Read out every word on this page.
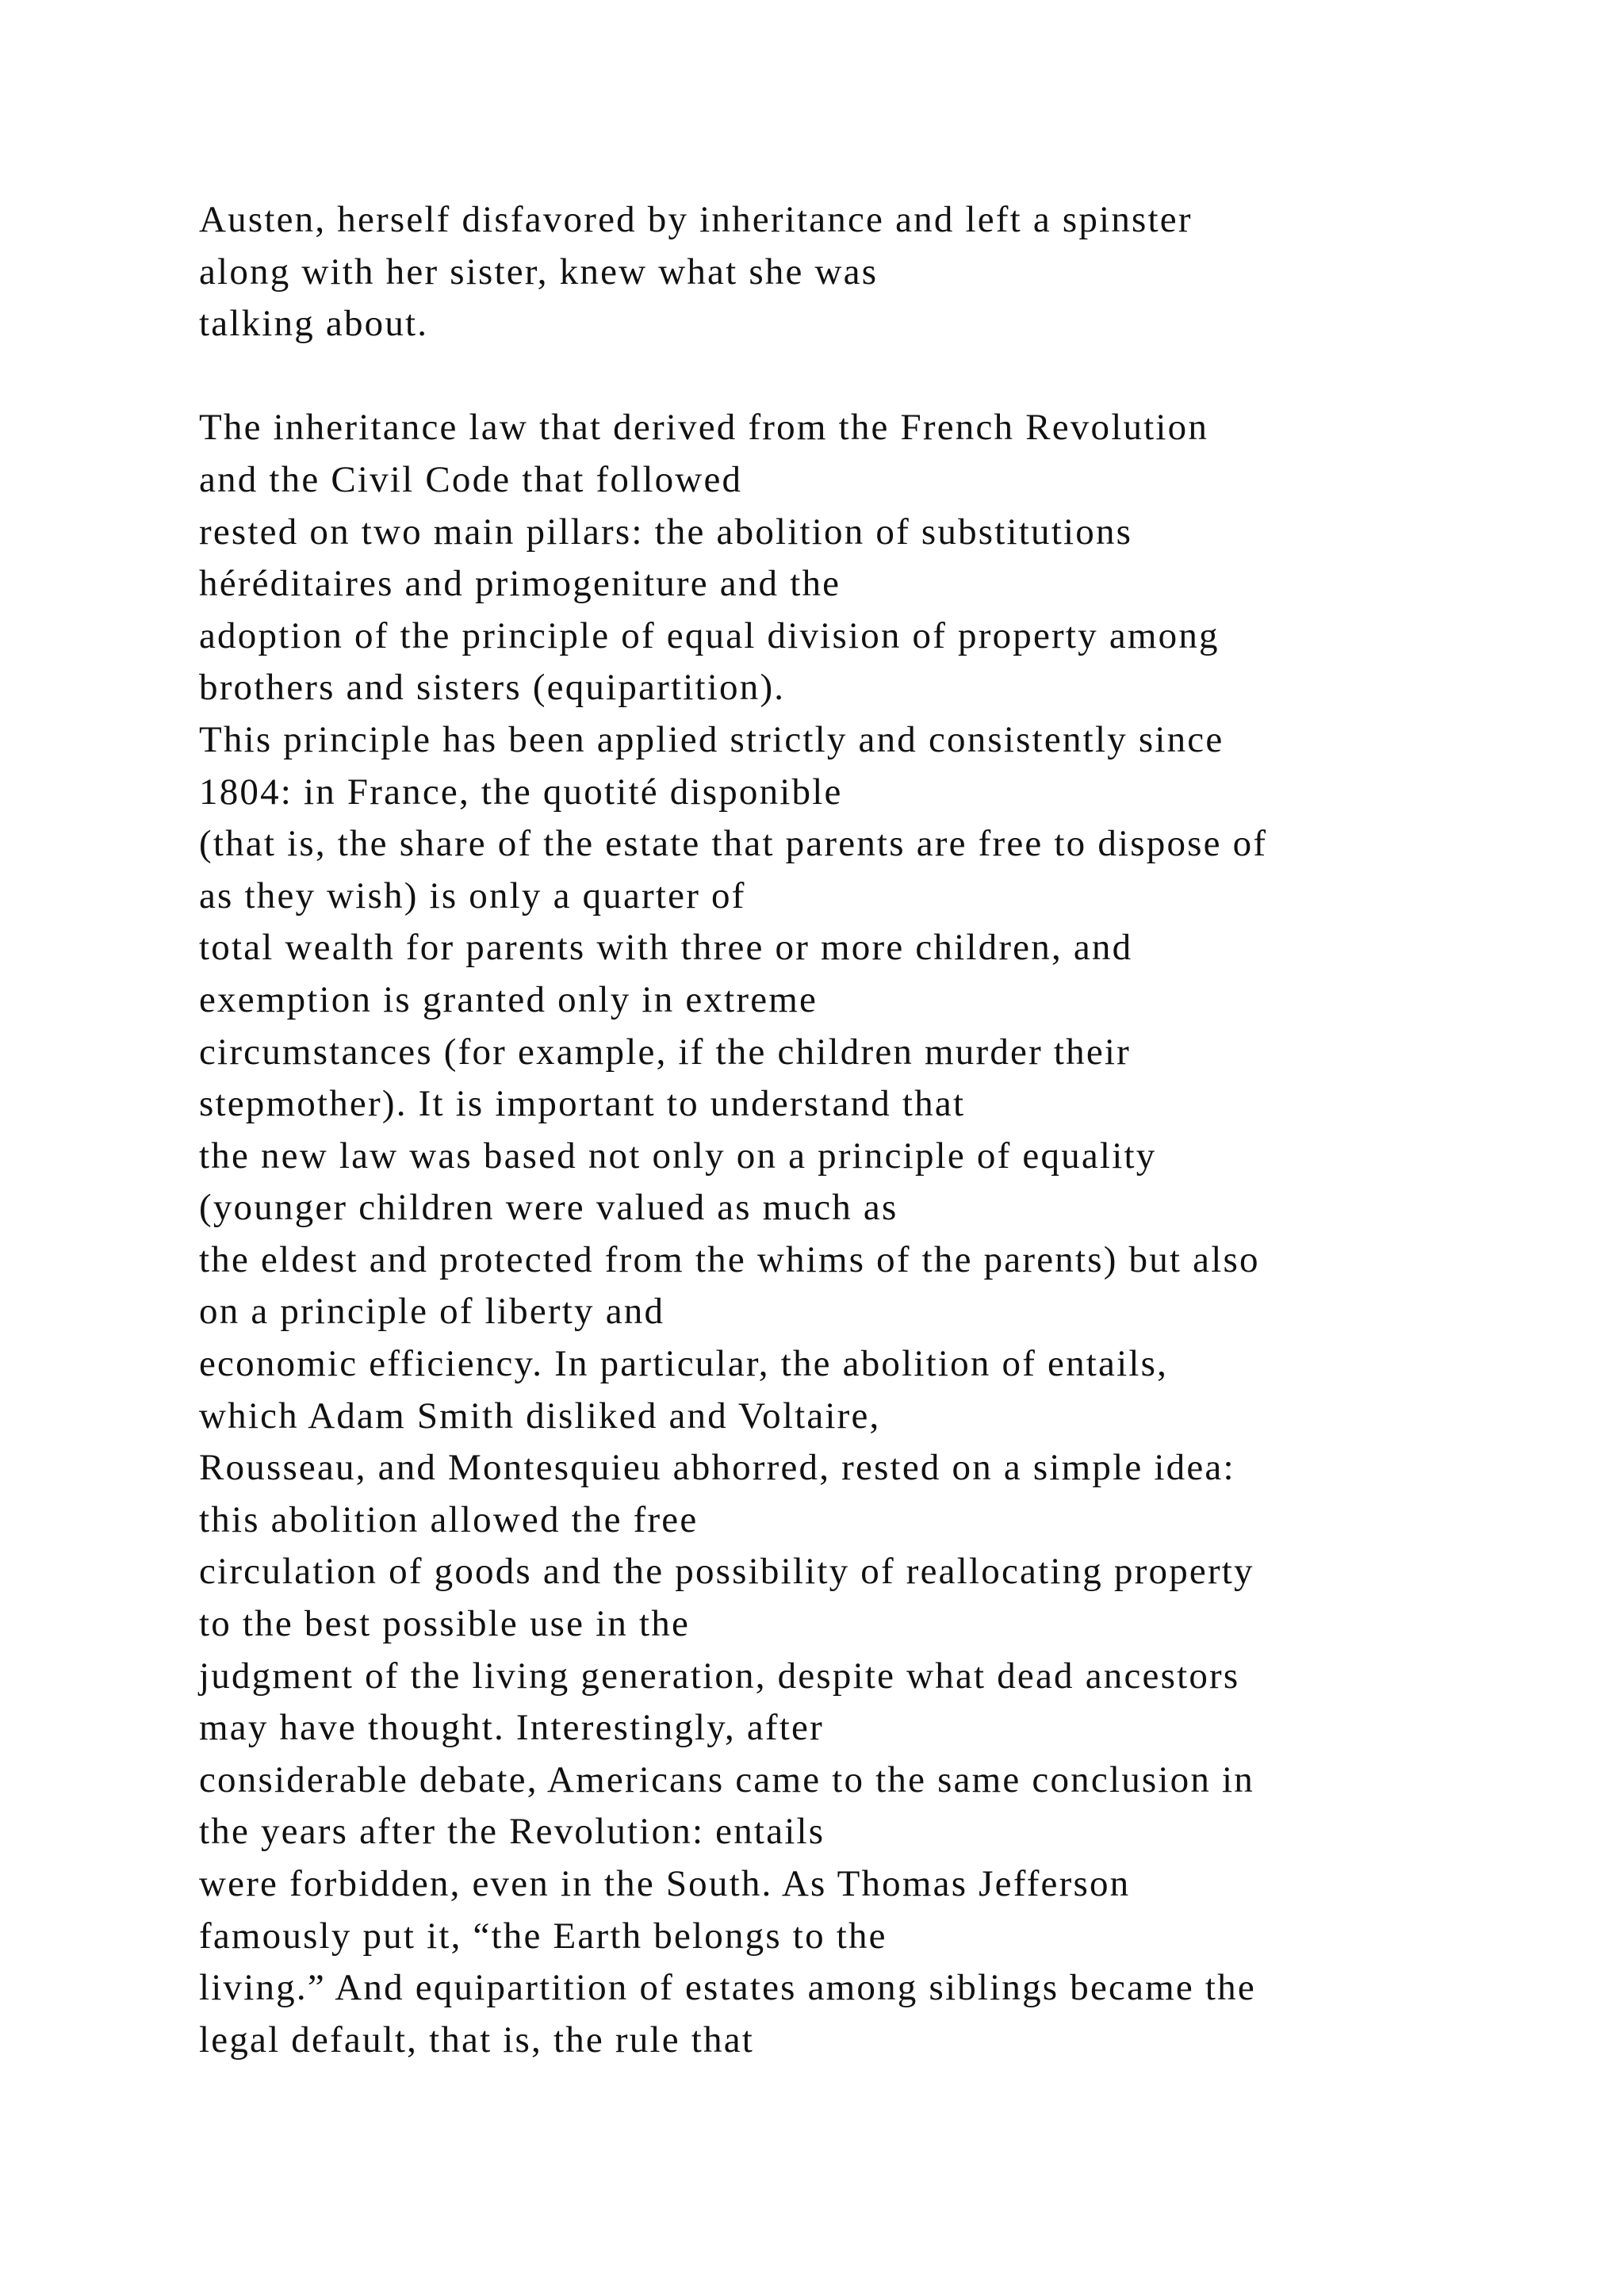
Austen, herself disfavored by inheritance and left a spinster
along with her sister, knew what she was
talking about.
The inheritance law that derived from the French Revolution
and the Civil Code that followed
rested on two main pillars: the abolition of substitutions
héréditaires and primogeniture and the
adoption of the principle of equal division of property among
brothers and sisters (equipartition).
This principle has been applied strictly and consistently since
1804: in France, the quotité disponible
(that is, the share of the estate that parents are free to dispose of
as they wish) is only a quarter of
total wealth for parents with three or more children, and
exemption is granted only in extreme
circumstances (for example, if the children murder their
stepmother). It is important to understand that
the new law was based not only on a principle of equality
(younger children were valued as much as
the eldest and protected from the whims of the parents) but also
on a principle of liberty and
economic efficiency. In particular, the abolition of entails,
which Adam Smith disliked and Voltaire,
Rousseau, and Montesquieu abhorred, rested on a simple idea:
this abolition allowed the free
circulation of goods and the possibility of reallocating property
to the best possible use in the
judgment of the living generation, despite what dead ancestors
may have thought. Interestingly, after
considerable debate, Americans came to the same conclusion in
the years after the Revolution: entails
were forbidden, even in the South. As Thomas Jefferson
famously put it, “the Earth belongs to the
living.” And equipartition of estates among siblings became the
legal default, that is, the rule that
